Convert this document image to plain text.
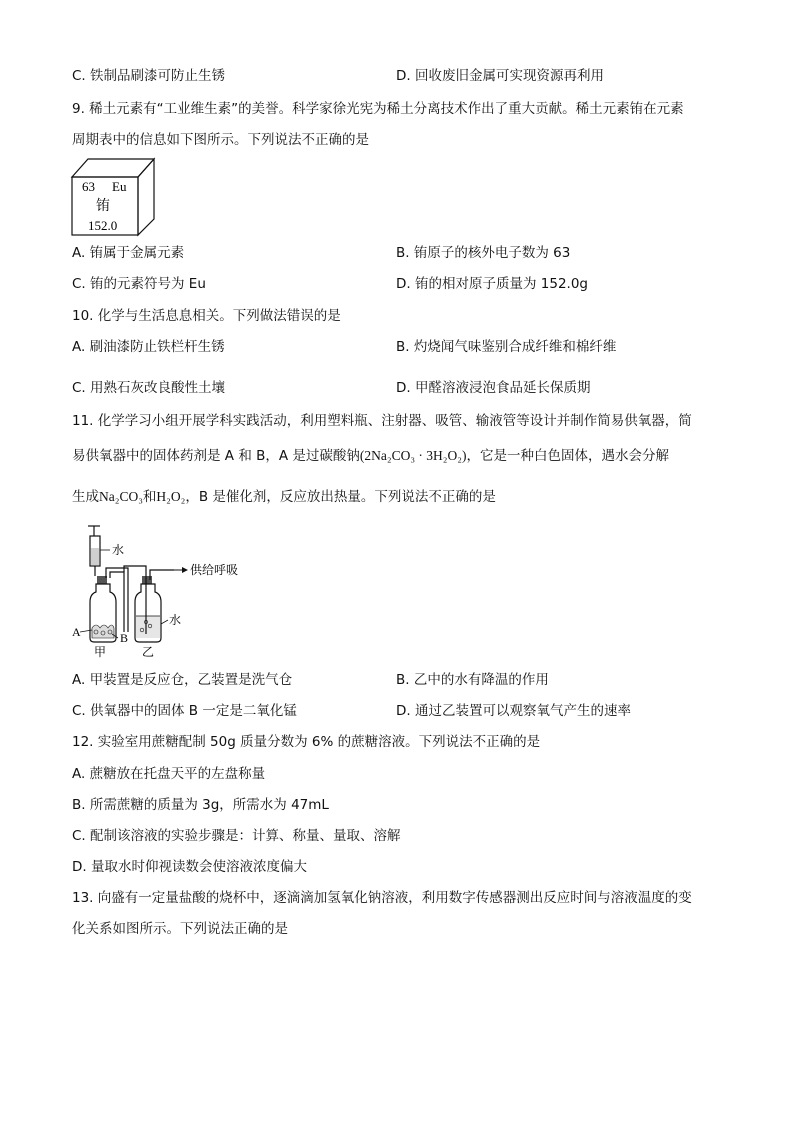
C. 铁制品刷漆可防止生锈	D. 回收废旧金属可实现资源再利用
9. 稀土元素有“工业维生素”的美誉。科学家徐光宪为稀土分离技术作出了重大贡献。稀土元素铕在元素
周期表中的信息如下图所示。下列说法不正确的是
63 Eu
铕
152.0
A. 铕属于金属元素	B. 铕原子的核外电子数为 63
C. 铕的元素符号为 Eu	D. 铕的相对原子质量为 152.0g
10. 化学与生活息息相关。下列做法错误的是
A. 刷油漆防止铁栏杆生锈	B. 灼烧闻气味鉴别合成纤维和棉纤维
C. 用熟石灰改良酸性土壤	D. 甲醛溶液浸泡食品延长保质期
11. 化学学习小组开展学科实践活动，利用塑料瓶、注射器、吸管、输液管等设计并制作简易供氧器，简
易供氧器中的固体药剂是 A 和 B，A 是过碳酸钠(2Na₂CO₃ · 3H₂O₂)，它是一种白色固体，遇水会分解
生成Na₂CO₃和H₂O₂，B 是催化剂，反应放出热量。下列说法不正确的是
水
A	B
甲
供给呼吸
水
乙
A. 甲装置是反应仓，乙装置是洗气仓	B. 乙中的水有降温的作用
C. 供氧器中的固体 B 一定是二氧化锰	D. 通过乙装置可以观察氧气产生的速率
12. 实验室用蔗糖配制 50g 质量分数为 6% 的蔗糖溶液。下列说法不正确的是
A. 蔗糖放在托盘天平的左盘称量
B. 所需蔗糖的质量为 3g，所需水为 47mL
C. 配制该溶液的实验步骤是：计算、称量、量取、溶解
D. 量取水时仰视读数会使溶液浓度偏大
13. 向盛有一定量盐酸的烧杯中，逐滴滴加氢氧化钠溶液，利用数字传感器测出反应时间与溶液温度的变
化关系如图所示。下列说法正确的是
